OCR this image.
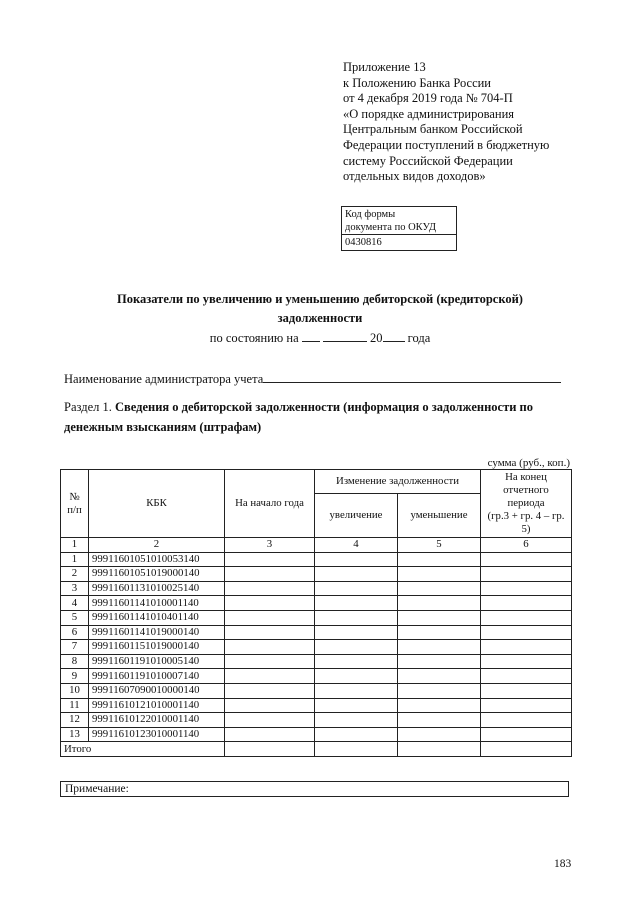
Приложение 13
к Положению Банка России
от 4 декабря 2019 года № 704-П
«О порядке администрирования
Центральным банком Российской
Федерации поступлений в бюджетную
систему Российской Федерации
отдельных видов доходов»
Код формы
документа по ОКУД
0430816
Показатели по увеличению и уменьшению дебиторской (кредиторской)
задолженности
по состоянию на	20 года
Наименование администратора учета
Раздел 1. Сведения о дебиторской задолженности (информация о задолженности по
денежным взысканиям (штрафам)
сумма (руб., коп.)
№ п/п	КБК	На начало года	Изменение задолженности		На конец отчетного периода
(гр.3 + гр. 4 – гр. 5)

			увеличение	уменьшение	
1	2	3	4	5	6
1	99911601051010053140				
2	99911601051019000140				
3	99911601131010025140				
4	99911601141010001140				
5	99911601141010401140				
6	99911601141019000140				
7	99911601151019000140				
8	99911601191010005140				
9	99911601191010007140				
10	99911607090010000140				
11	99911610121010001140				
12	99911610122010001140				
13	99911610123010001140				
Итого					
Примечание:
183
